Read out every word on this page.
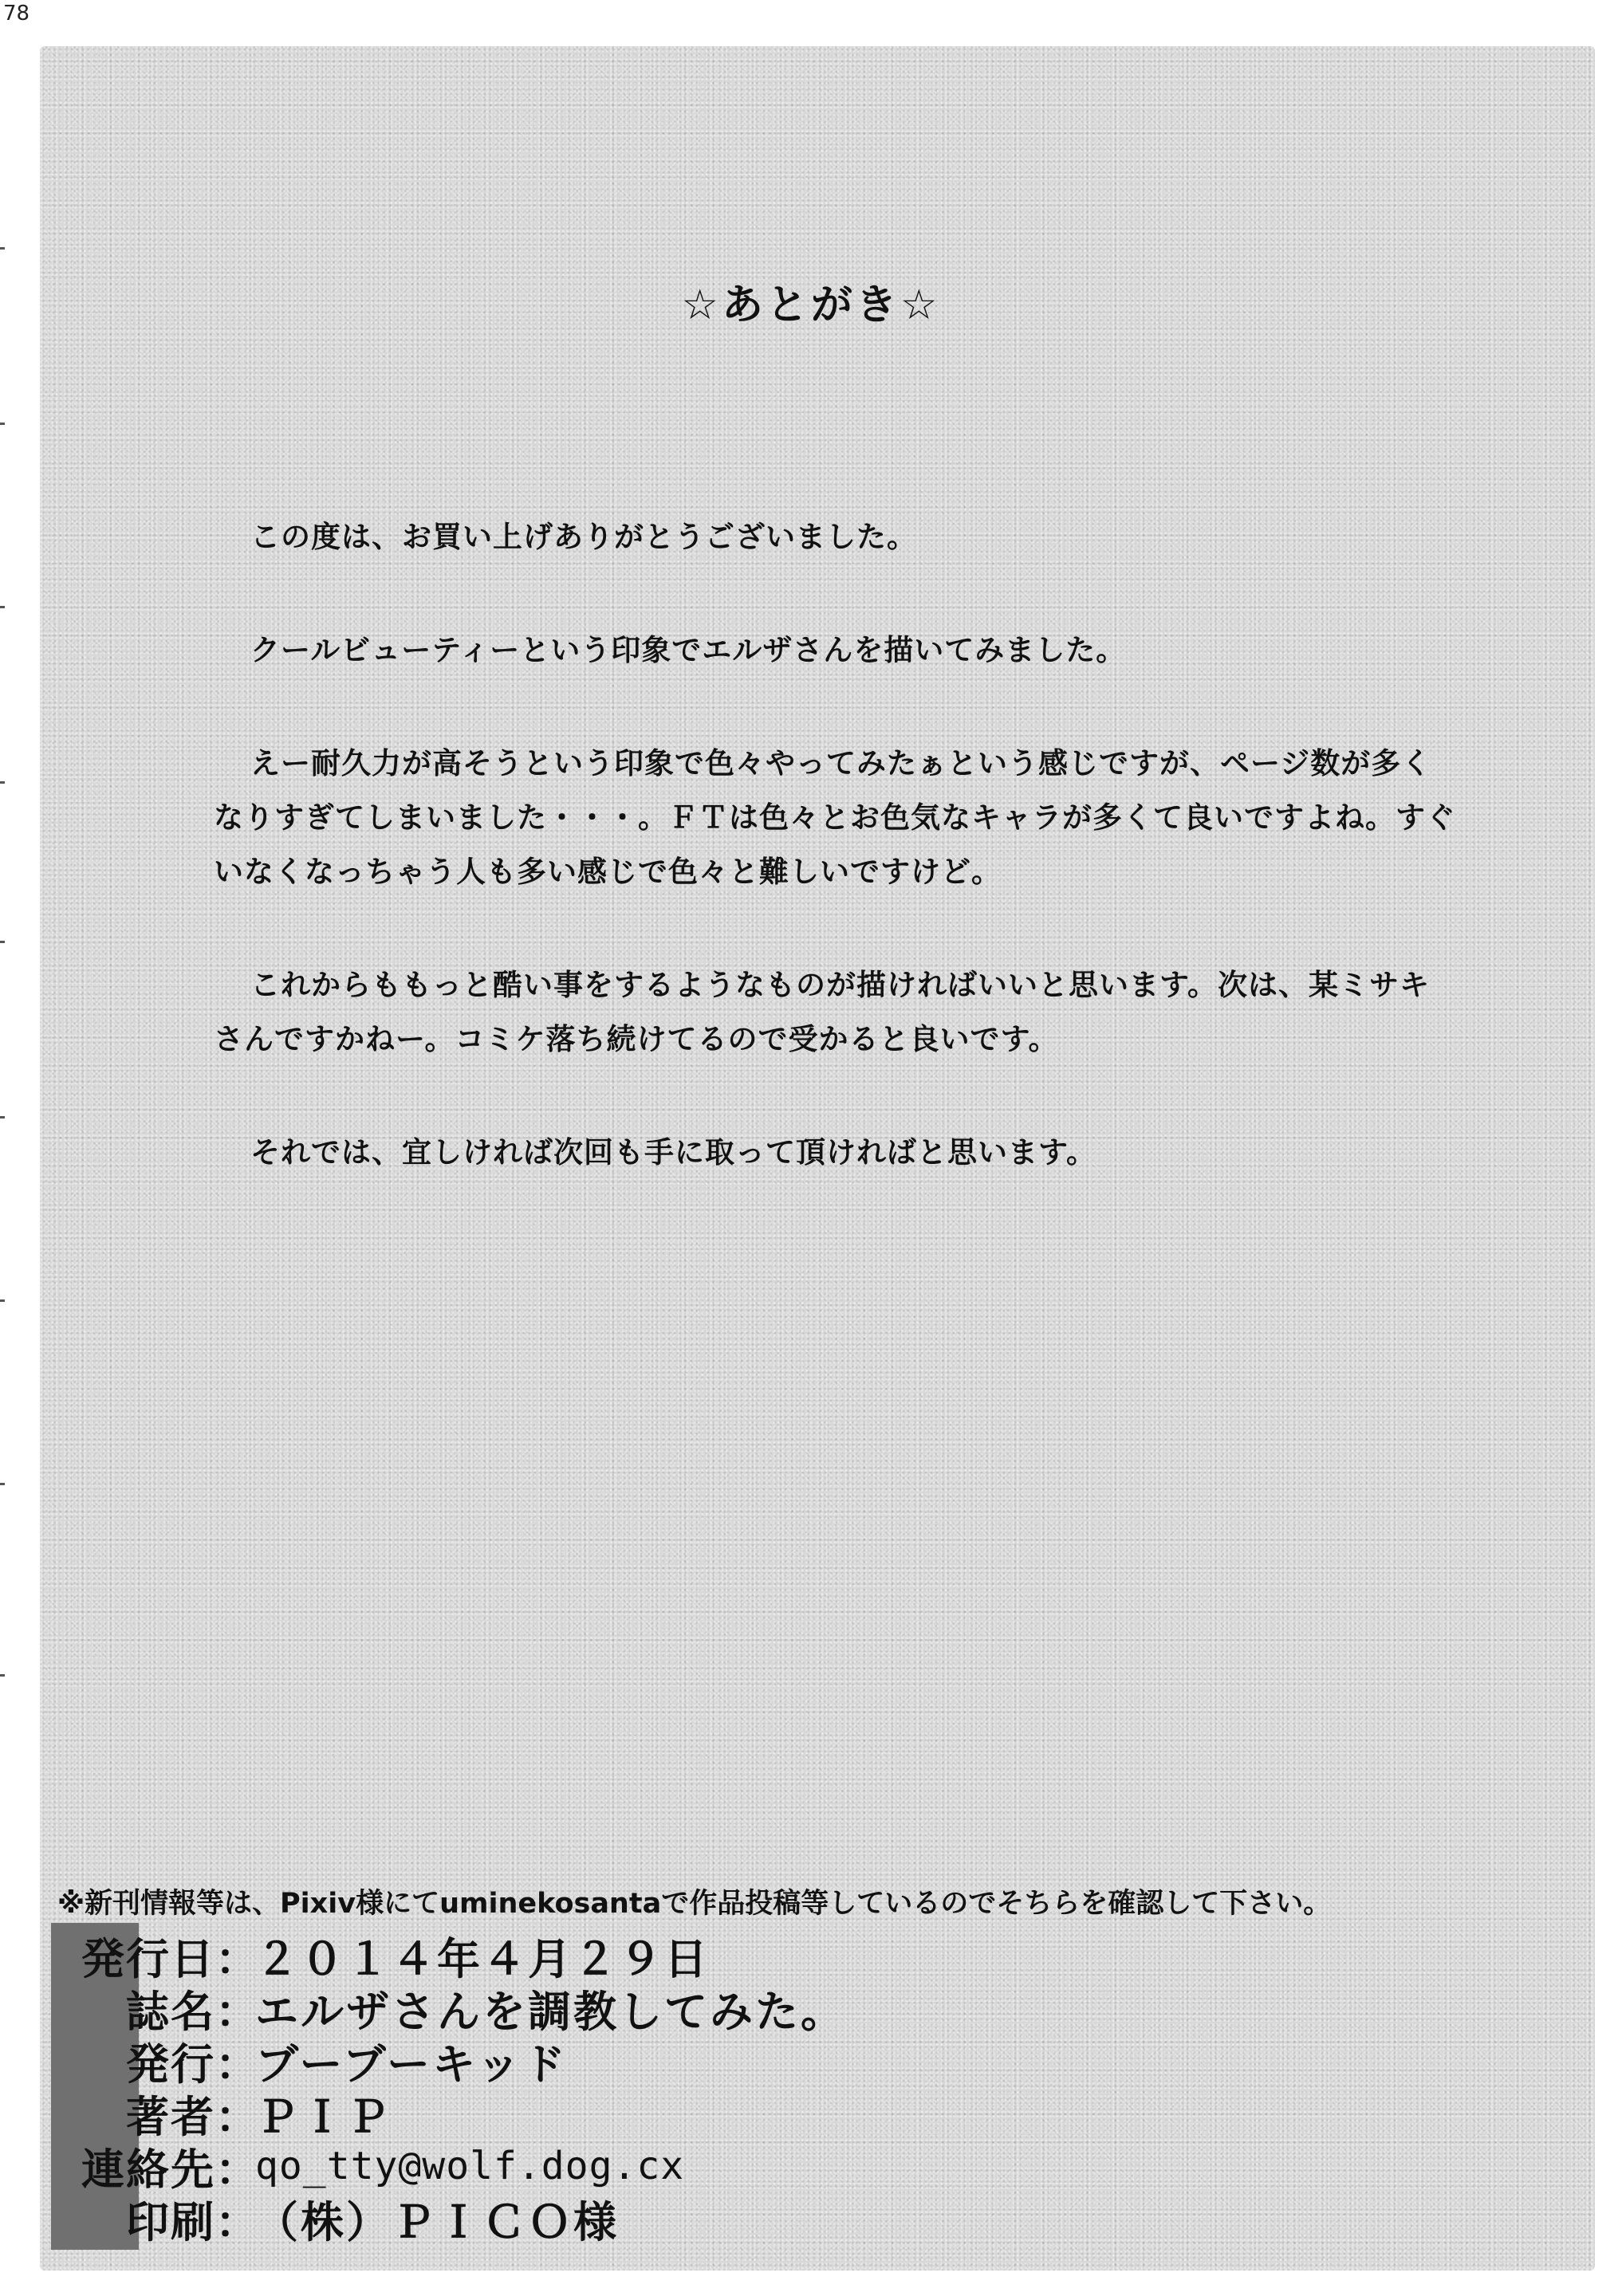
78
☆あとがき☆

この度は、お買い上げありがとうございました。

クールビューティーという印象でエルザさんを描いてみました。

えー耐久力が高そうという印象で色々やってみたぁという感じですが、ページ数が多くなりすぎてしまいました・・・。ＦＴは色々とお色気なキャラが多くて良いですよね。すぐいなくなっちゃう人も多い感じで色々と難しいですけど。

これからももっと酷い事をするようなものが描ければいいと思います。次は、某ミサキさんですかねー。コミケ落ち続けてるので受かると良いです。

それでは、宜しければ次回も手に取って頂ければと思います。

※新刊情報等は、Pixiv様にてuminekosantaで作品投稿等しているのでそちらを確認して下さい。
発行日 ：
２０１４年４月２９日
誌名 ：
エルザさんを調教してみた。
発行 ：
ブーブーキッド
著者 ：
ＰＩＰ
連絡先 ：
qo_tty@wolf.dog.cx
印刷 ：
（株）ＰＩＣＯ様
